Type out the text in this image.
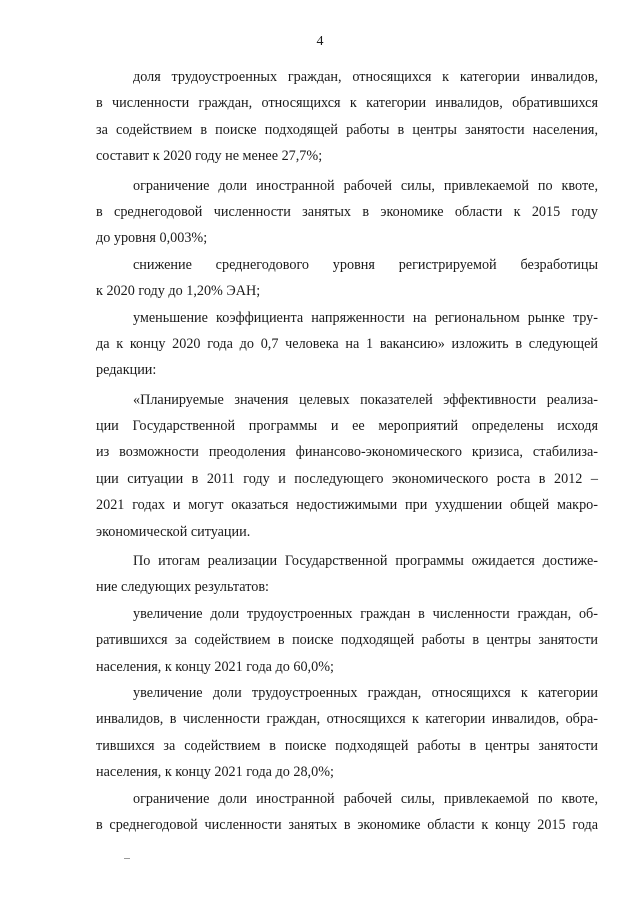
4
доля трудоустроенных граждан, относящихся к категории инвалидов,
в численности граждан, относящихся к категории инвалидов, обратившихся
за содействием в поиске подходящей работы в центры занятости населения,
составит к 2020 году не менее 27,7%;
ограничение доли иностранной рабочей силы, привлекаемой по квоте,
в среднегодовой численности занятых в экономике области к 2015 году
до уровня 0,003%;
снижение среднегодового уровня регистрируемой безработицы
к 2020 году до 1,20% ЭАН;
уменьшение коэффициента напряженности на региональном рынке тру-
да к концу 2020 года до 0,7 человека на 1 вакансию» изложить в следующей
редакции:
«Планируемые значения целевых показателей эффективности реализа-
ции Государственной программы и ее мероприятий определены исходя
из возможности преодоления финансово-экономического кризиса, стабилиза-
ции ситуации в 2011 году и последующего экономического роста в 2012 –
2021 годах и могут оказаться недостижимыми при ухудшении общей макро-
экономической ситуации.
По итогам реализации Государственной программы ожидается достиже-
ние следующих результатов:
увеличение доли трудоустроенных граждан в численности граждан, об-
ратившихся за содействием в поиске подходящей работы в центры занятости
населения, к концу 2021 года до 60,0%;
увеличение доли трудоустроенных граждан, относящихся к категории
инвалидов, в численности граждан, относящихся к категории инвалидов, обра-
тившихся за содействием в поиске подходящей работы в центры занятости
населения, к концу 2021 года до 28,0%;
ограничение доли иностранной рабочей силы, привлекаемой по квоте,
в среднегодовой численности занятых в экономике области к концу 2015 года
